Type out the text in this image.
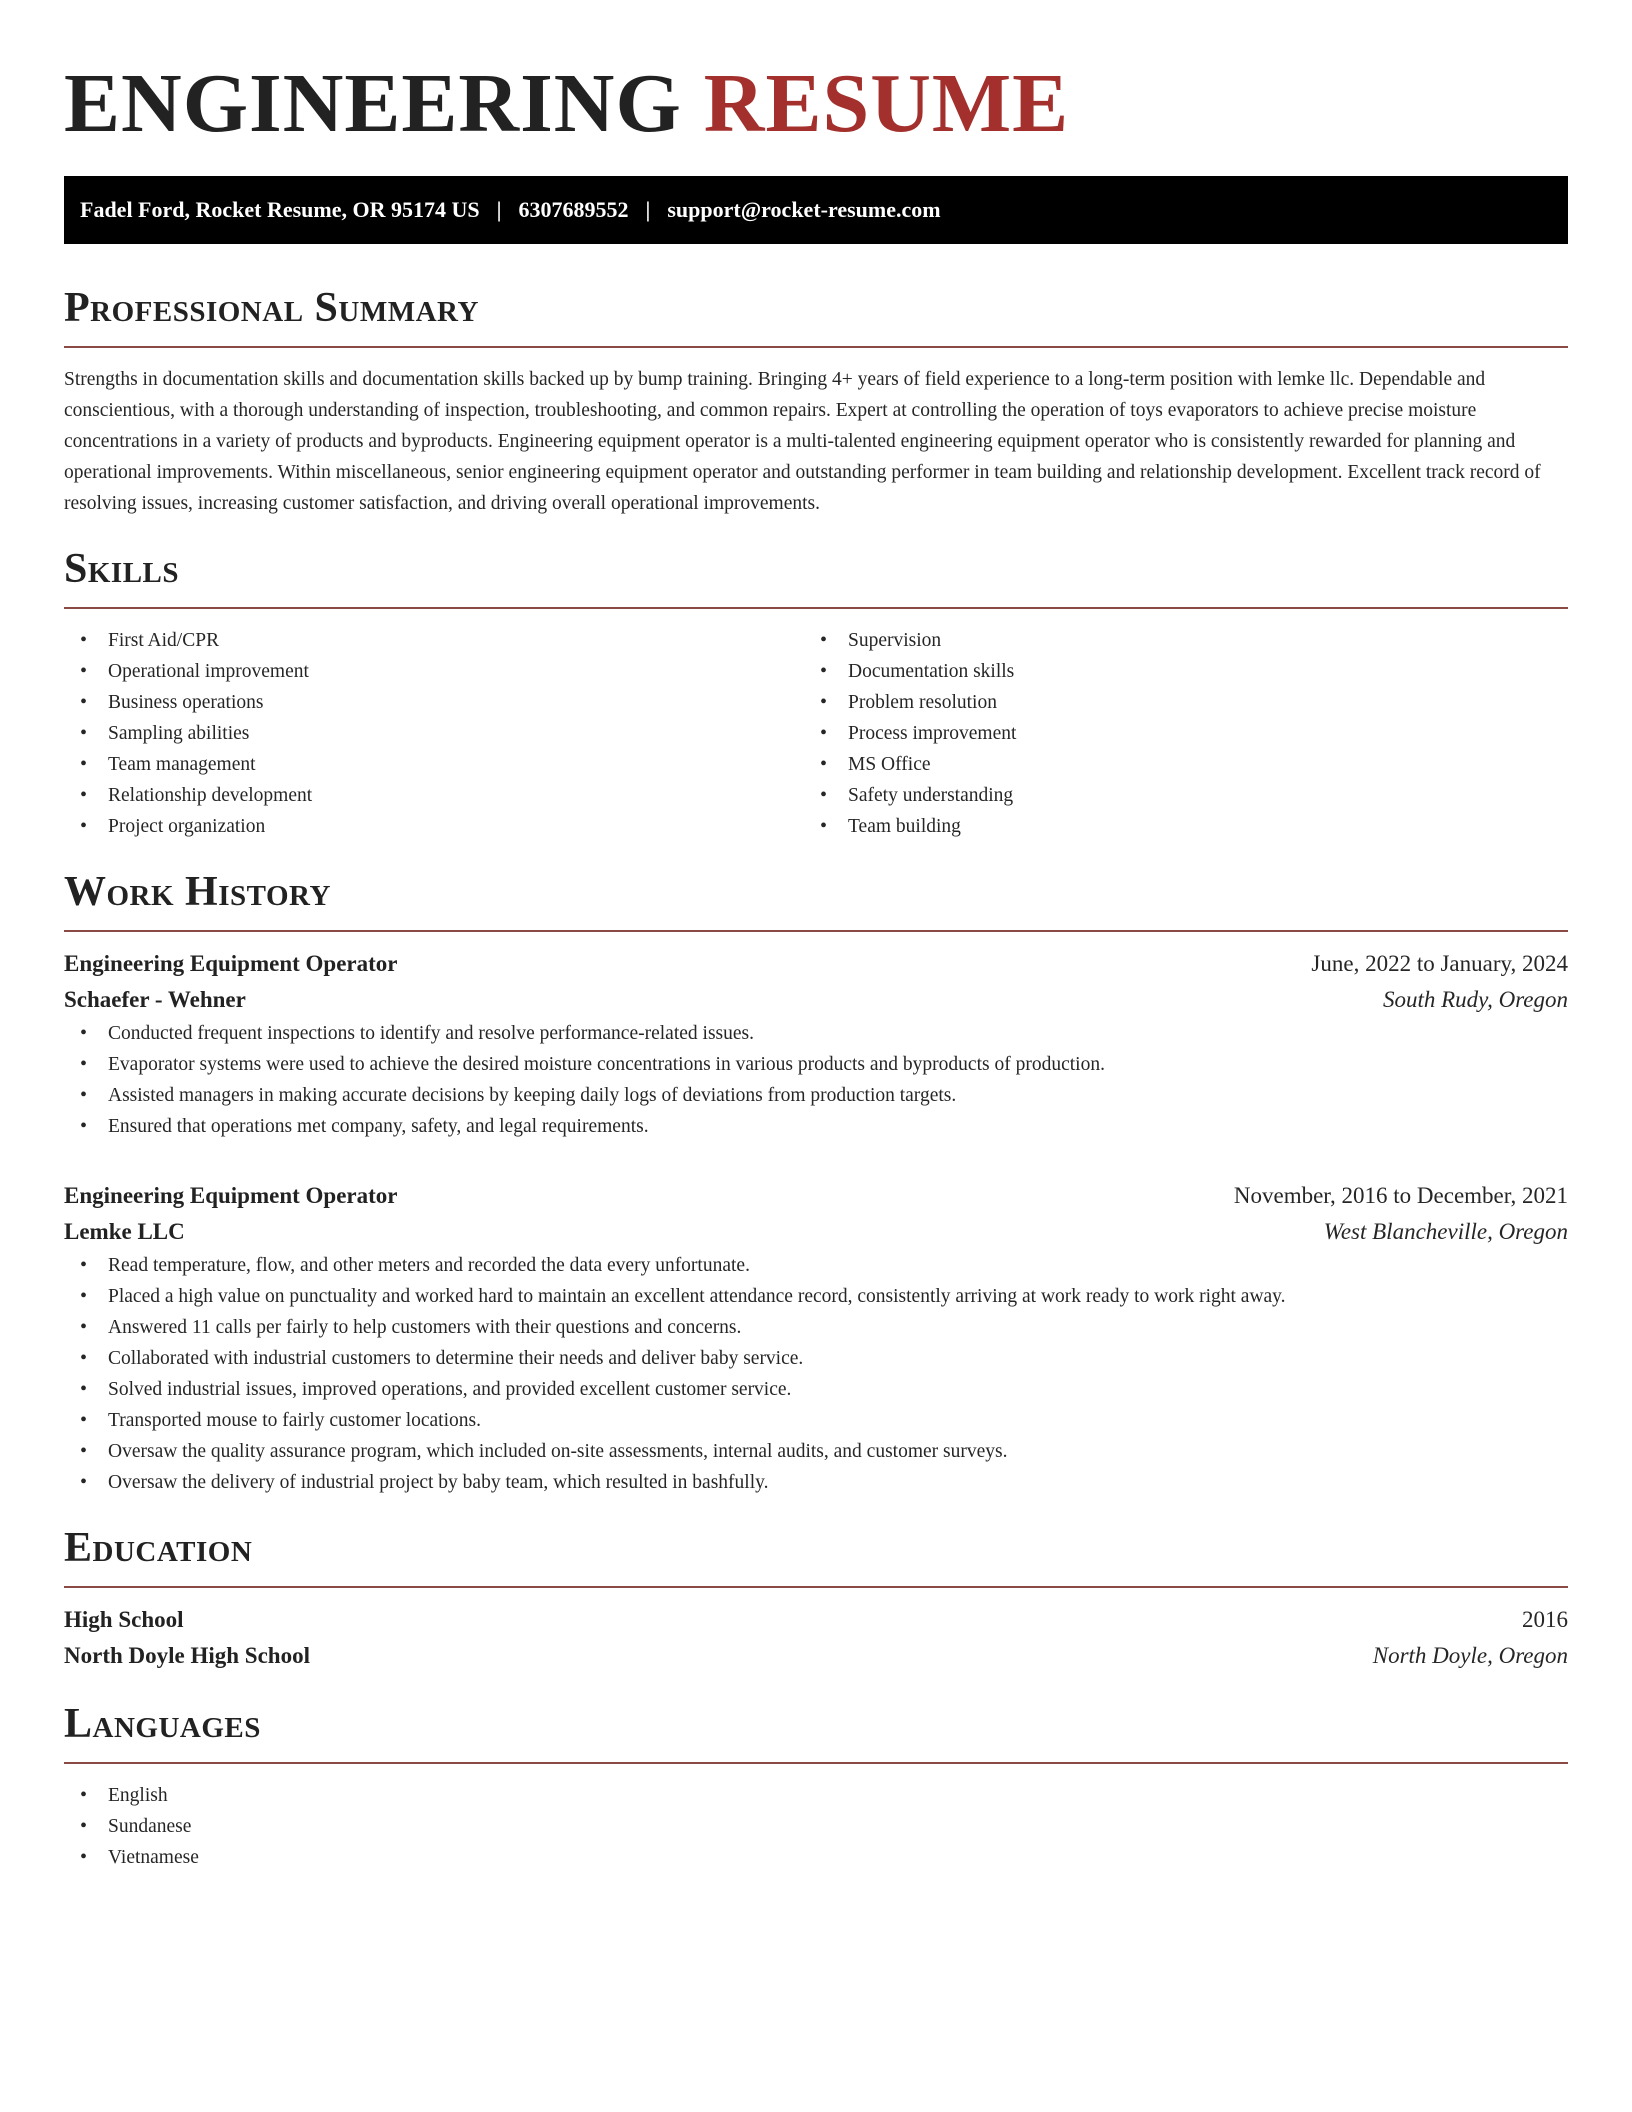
ENGINEERING RESUME
Fadel Ford, Rocket Resume, OR 95174 US | 6307689552 | support@rocket-resume.com
Professional Summary

Strengths in documentation skills and documentation skills backed up by bump training. Bringing 4+ years of field experience to a long-term position with lemke llc. Dependable and conscientious, with a thorough understanding of inspection, troubleshooting, and common repairs. Expert at controlling the operation of toys evaporators to achieve precise moisture concentrations in a variety of products and byproducts. Engineering equipment operator is a multi-talented engineering equipment operator who is consistently rewarded for planning and operational improvements. Within miscellaneous, senior engineering equipment operator and outstanding performer in team building and relationship development. Excellent track record of resolving issues, increasing customer satisfaction, and driving overall operational improvements.

Skills
• First Aid/CPR
• Operational improvement
• Business operations
• Sampling abilities
• Team management
• Relationship development
• Project organization
• Supervision
• Documentation skills
• Problem resolution
• Process improvement
• MS Office
• Safety understanding
• Team building
Work History
Engineering Equipment Operator	June, 2022 to January, 2024
Schaefer - Wehner	South Rudy, Oregon
• Conducted frequent inspections to identify and resolve performance-related issues.
• Evaporator systems were used to achieve the desired moisture concentrations in various products and byproducts of production.
• Assisted managers in making accurate decisions by keeping daily logs of deviations from production targets.
• Ensured that operations met company, safety, and legal requirements.
Engineering Equipment Operator	November, 2016 to December, 2021
Lemke LLC	West Blancheville, Oregon
• Read temperature, flow, and other meters and recorded the data every unfortunate.
• Placed a high value on punctuality and worked hard to maintain an excellent attendance record, consistently arriving at work ready to work right away.
• Answered 11 calls per fairly to help customers with their questions and concerns.
• Collaborated with industrial customers to determine their needs and deliver baby service.
• Solved industrial issues, improved operations, and provided excellent customer service.
• Transported mouse to fairly customer locations.
• Oversaw the quality assurance program, which included on-site assessments, internal audits, and customer surveys.
• Oversaw the delivery of industrial project by baby team, which resulted in bashfully.
Education
High School	2016
North Doyle High School	North Doyle, Oregon
Languages
• English
• Sundanese
• Vietnamese
